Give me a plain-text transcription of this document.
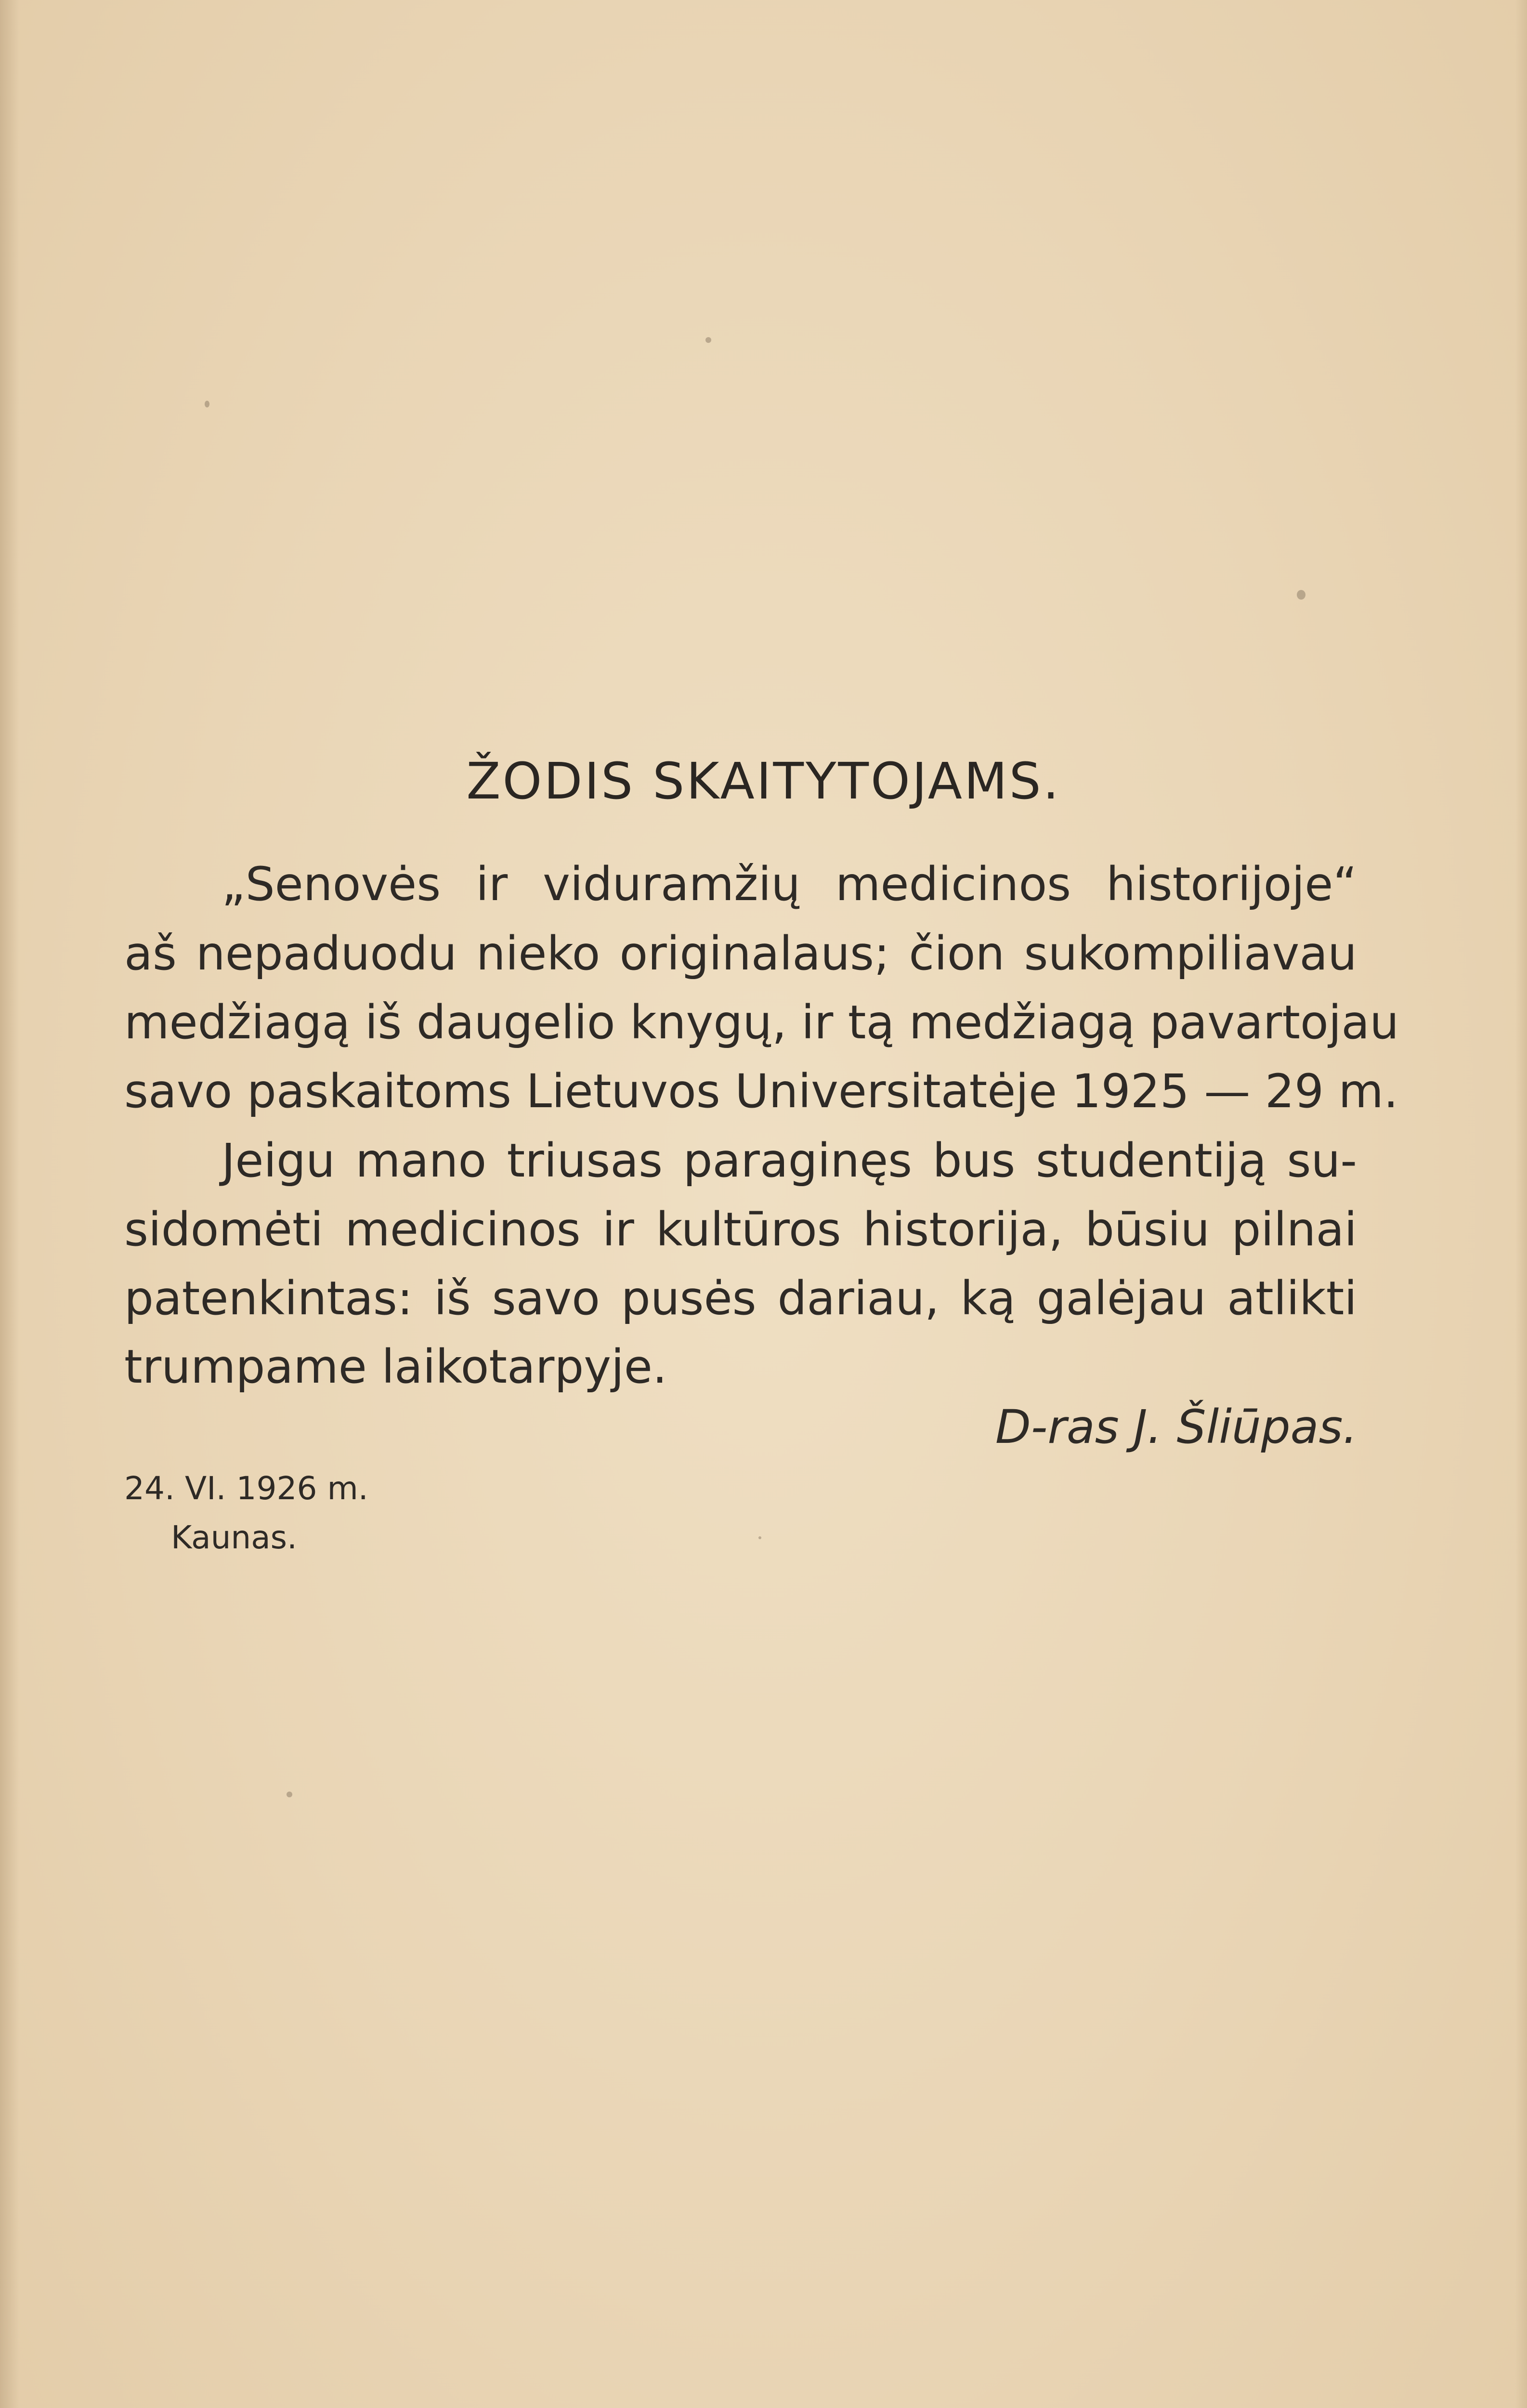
ŽODIS SKAITYTOJAMS.
„Senovės ir viduramžių medicinos historijoje“
aš nepaduodu nieko originalaus; čion sukompiliavau
medžiagą iš daugelio knygų, ir tą medžiagą pavartojau
savo paskaitoms Lietuvos Universitatėje 1925 — 29 m.
Jeigu mano triusas paraginęs bus studentiją su-
sidomėti medicinos ir kultūros historija, būsiu pilnai
patenkintas: iš savo pusės dariau, ką galėjau atlikti
trumpame laikotarpyje.
D-ras J. Šliūpas.
24. VI. 1926 m.
Kaunas.
